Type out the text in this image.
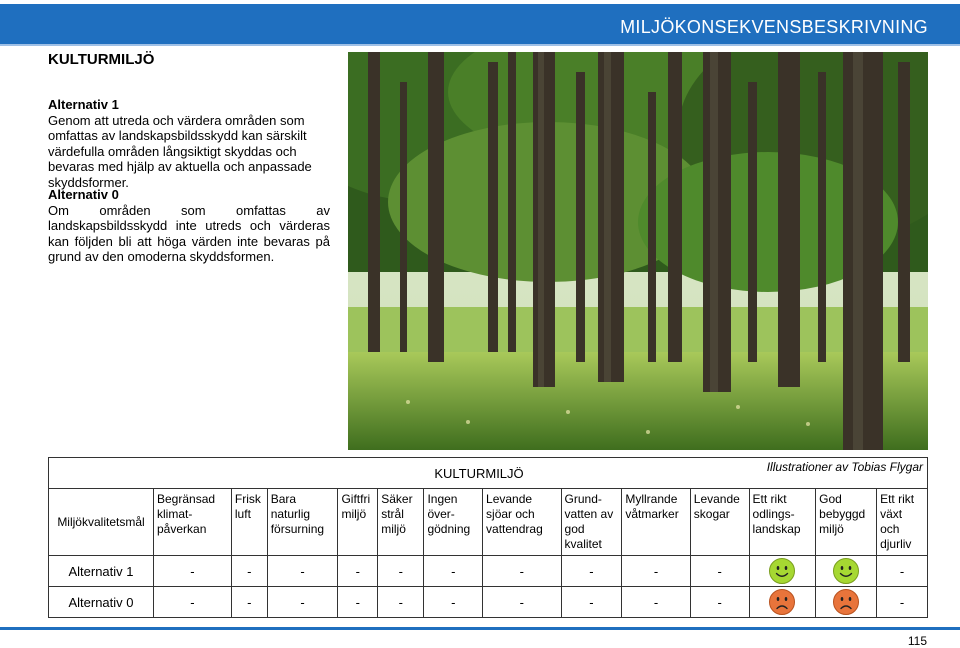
MILJÖKONSEKVENSBESKRIVNING
KULTURMILJÖ
Alternativ 1
Genom att utreda och värdera områden som omfattas av landskapsbildsskydd kan särskilt värdefulla områden långsiktigt skyddas och bevaras med hjälp av aktuella och anpassade skyddsformer.
Alternativ 0
Om områden som omfattas av landskapsbildsskydd inte utreds och värderas kan följden bli att höga värden inte bevaras på grund av den omoderna skyddsformen.
KULTURMILJÖ	Illustrationer av Tobias Flygar
Miljökvalitetsmål	Begränsad klimat-påverkan	Frisk luft	Bara naturlig försurning	Giftfri miljö	Säker strål miljö	Ingen över-gödning	Levande sjöar och vattendrag	Grund-vatten av god kvalitet	Myllrande våtmarker	Levande skogar	Ett rikt odlings-landskap	God bebyggd miljö	Ett rikt växt och djurliv
Alternativ 1	-	-	-	-	-	-	-	-	-	-			-
Alternativ 0	-	-	-	-	-	-	-	-	-	-			-
115
